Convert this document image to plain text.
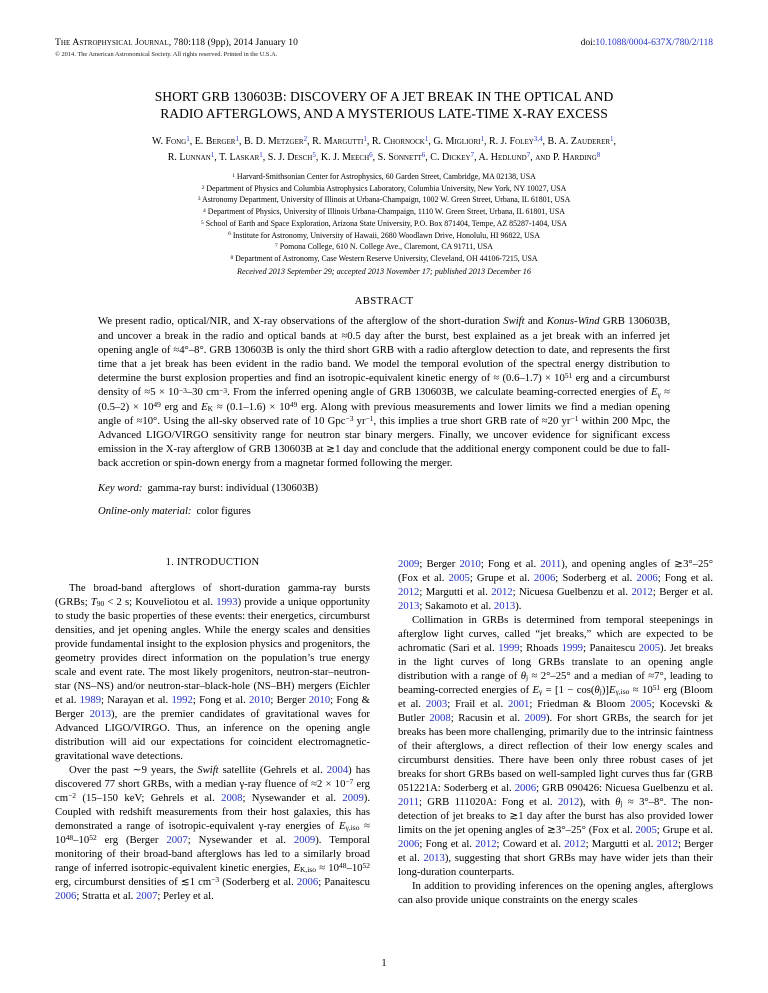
The Astrophysical Journal, 780:118 (9pp), 2014 January 10
© 2014. The American Astronomical Society. All rights reserved. Printed in the U.S.A.
doi:10.1088/0004-637X/780/2/118
SHORT GRB 130603B: DISCOVERY OF A JET BREAK IN THE OPTICAL AND
RADIO AFTERGLOWS, AND A MYSTERIOUS LATE-TIME X-RAY EXCESS
W. Fong$^1$, E. Berger$^1$, B. D. Metzger$^2$, R. Margutti$^1$, R. Chornock$^1$, G. Migliori$^1$, R. J. Foley$^{3,4}$, B. A. Zauderer$^1$,
R. Lunnan$^1$, T. Laskar$^1$, S. J. Desch$^5$, K. J. Meech$^6$, S. Sonnett$^6$, C. Dickey$^7$, A. Hedlund$^7$, and P. Harding$^8$
$^1$ Harvard-Smithsonian Center for Astrophysics, 60 Garden Street, Cambridge, MA 02138, USA
$^2$ Department of Physics and Columbia Astrophysics Laboratory, Columbia University, New York, NY 10027, USA
$^3$ Astronomy Department, University of Illinois at Urbana-Champaign, 1002 W. Green Street, Urbana, IL 61801, USA
$^4$ Department of Physics, University of Illinois Urbana-Champaign, 1110 W. Green Street, Urbana, IL 61801, USA
$^5$ School of Earth and Space Exploration, Arizona State University, P.O. Box 871404, Tempe, AZ 85287-1404, USA
$^6$ Institute for Astronomy, University of Hawaii, 2680 Woodlawn Drive, Honolulu, HI 96822, USA
$^7$ Pomona College, 610 N. College Ave., Claremont, CA 91711, USA
$^8$ Department of Astronomy, Case Western Reserve University, Cleveland, OH 44106-7215, USA
Received 2013 September 29; accepted 2013 November 17; published 2013 December 16
ABSTRACT
We present radio, optical/NIR, and X-ray observations of the afterglow of the short-duration Swift and Konus-Wind GRB 130603B, and uncover a break in the radio and optical bands at ≈0.5 day after the burst, best explained as a jet break with an inferred jet opening angle of ≈4°–8°. GRB 130603B is only the third short GRB with a radio afterglow detection to date, and represents the first time that a jet break has been evident in the radio band. We model the temporal evolution of the spectral energy distribution to determine the burst explosion properties and find an isotropic-equivalent kinetic energy of ≈ $(0.6-1.7) \times 10^{51}$ erg and a circumburst density of $\approx 5 \times 10^{-3}-30$ $cm^{-3}$. From the inferred opening angle of GRB 130603B, we calculate beaming-corrected energies of $E\gamma \approx (0.5-2) \times 10^{49}$ erg and EK ≈ $(0.1-1.6) \times 10^{49}$ erg. Along with previous measurements and lower limits we find a median opening angle of ≈10°. Using the all-sky observed rate of 10 Gpc$^{-3}$ $yr^{-1}$, this implies a true short GRB rate of ≈20 $yr^{-1}$ within 200 Mpc, the Advanced LIGO/VIRGO sensitivity range for neutron star binary mergers. Finally, we uncover evidence for significant excess emission in the X-ray afterglow of GRB 130603B at ≳1 day and conclude that the additional energy component could be due to fall-back accretion or spin-down energy from a magnetar formed following the merger.
Key word: gamma-ray burst: individual (130603B)
Online-only material: color figures
1. INTRODUCTION

The broad-band afterglows of short-duration gamma-ray bursts (GRBs; T90 < 2 s; Kouveliotou et al. 1993) provide a unique opportunity to study the basic properties of these events: their energetics, circumburst densities, and jet opening angles. While the energy scales and densities provide fundamental insight to the explosion physics and progenitors, the geometry provides direct information on the population’s true energy scale and event rate. The most likely progenitors, neutron-star–neutron-star (NS–NS) and/or neutron-star–black-hole (NS–BH) mergers (Eichler et al. 1989; Narayan et al. 1992; Fong et al. 2010; Berger 2010; Fong & Berger 2013), are the premier candidates of gravitational waves for Advanced LIGO/VIRGO. Thus, an inference on the opening angle distribution will aid our expectations for coincident electromagnetic-gravitational wave detections.

Over the past ∼9 years, the Swift satellite (Gehrels et al. 2004) has discovered 77 short GRBs, with a median γ-ray fluence of $\approx 2 \times 10^{-7}$ erg $cm^{-2}$ (15–150 keV; Gehrels et al. 2008; Nysewander et al. 2009). Coupled with redshift measurements from their host galaxies, this has demonstrated a range of isotropic-equivalent γ-ray energies of $E\gamma,iso \approx 10^{48}-10^{52}$ erg (Berger 2007; Nysewander et al. 2009). Temporal monitoring of their broad-band afterglows has led to a similarly broad range of inferred isotropic-equivalent kinetic energies, $EK,iso \approx 10^{48}-10^{52}$ erg, circumburst densities of ≲1 $cm^{-3}$ (Soderberg et al. 2006; Panaitescu 2006; Stratta et al. 2007; Perley et al.

2009; Berger 2010; Fong et al. 2011), and opening angles of ≳3°–25° (Fox et al. 2005; Grupe et al. 2006; Soderberg et al. 2006; Fong et al. 2012; Margutti et al. 2012; Nicuesa Guelbenzu et al. 2012; Berger et al. 2013; Sakamoto et al. 2013).

Collimation in GRBs is determined from temporal steepenings in afterglow light curves, called “jet breaks,” which are expected to be achromatic (Sari et al. 1999; Rhoads 1999; Panaitescu 2005). Jet breaks in the light curves of long GRBs translate to an opening angle distribution with a range of θj ≈ 2°–25° and a median of ≈7°, leading to beaming-corrected energies of $E\gamma = [1 - \cos(\theta j)]E\gamma,iso \approx 10^{51}$ erg (Bloom et al. 2003; Frail et al. 2001; Friedman & Bloom 2005; Kocevski & Butler 2008; Racusin et al. 2009). For short GRBs, the search for jet breaks has been more challenging, primarily due to the intrinsic faintness of their afterglows, a direct reflection of their low energy scales and circumburst densities. There have been only three robust cases of jet breaks for short GRBs based on well-sampled light curves thus far (GRB 051221A: Soderberg et al. 2006; GRB 090426: Nicuesa Guelbenzu et al. 2011; GRB 111020A: Fong et al. 2012), with θj ≈ 3°–8°. The non-detection of jet breaks to ≳1 day after the burst has also provided lower limits on the jet opening angles of ≳3°–25° (Fox et al. 2005; Grupe et al. 2006; Fong et al. 2012; Coward et al. 2012; Margutti et al. 2012; Berger et al. 2013), suggesting that short GRBs may have wider jets than their long-duration counterparts.

In addition to providing inferences on the opening angles, afterglows can also provide unique constraints on the energy scales

1
